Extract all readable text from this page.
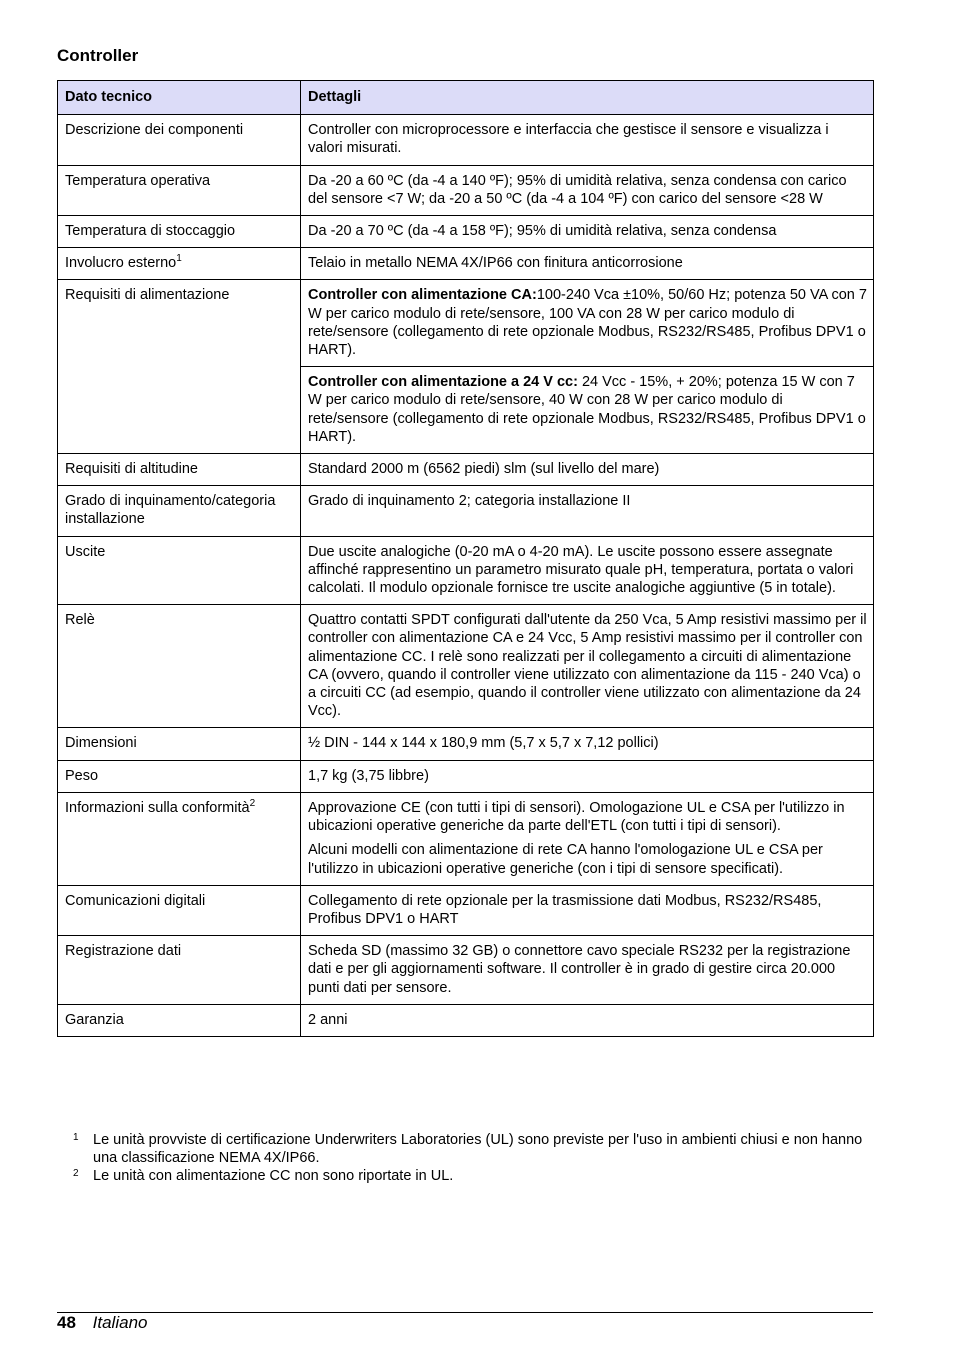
Controller
Dato tecnico	Dettagli
Descrizione dei componenti	Controller con microprocessore e interfaccia che gestisce il sensore e visualizza i valori misurati.
Temperatura operativa	Da -20 a 60 ºC (da -4 a 140 ºF); 95% di umidità relativa, senza condensa con carico del sensore <7 W; da -20 a 50 ºC (da -4 a 104 ºF) con carico del sensore <28 W
Temperatura di stoccaggio	Da -20 a 70 ºC (da -4 a 158 ºF); 95% di umidità relativa, senza condensa
Involucro esterno$^1$	Telaio in metallo NEMA 4X/IP66 con finitura anticorrosione
Requisiti di alimentazione	Controller con alimentazione CA:100-240 Vca ±10%, 50/60 Hz; potenza 50 VA con 7 W per carico modulo di rete/sensore, 100 VA con 28 W per carico modulo di rete/sensore (collegamento di rete opzionale Modbus, RS232/RS485, Profibus DPV1 o HART).
	Controller con alimentazione a 24 V cc: 24 Vcc - 15%, + 20%; potenza 15 W con 7 W per carico modulo di rete/sensore, 40 W con 28 W per carico modulo di rete/sensore (collegamento di rete opzionale Modbus, RS232/RS485, Profibus DPV1 o HART).
Requisiti di altitudine	Standard 2000 m (6562 piedi) slm (sul livello del mare)
Grado di inquinamento/categoria installazione	Grado di inquinamento 2; categoria installazione II
Uscite	Due uscite analogiche (0-20 mA o 4-20 mA). Le uscite possono essere assegnate affinché rappresentino un parametro misurato quale pH, temperatura, portata o valori calcolati. Il modulo opzionale fornisce tre uscite analogiche aggiuntive (5 in totale).
Relè	Quattro contatti SPDT configurati dall'utente da 250 Vca, 5 Amp resistivi massimo per il controller con alimentazione CA e 24 Vcc, 5 Amp resistivi massimo per il controller con alimentazione CC. I relè sono realizzati per il collegamento a circuiti di alimentazione CA (ovvero, quando il controller viene utilizzato con alimentazione da 115 - 240 Vca) o a circuiti CC (ad esempio, quando il controller viene utilizzato con alimentazione da 24 Vcc).
Dimensioni	½ DIN - 144 x 144 x 180,9 mm (5,7 x 5,7 x 7,12 pollici)
Peso	1,7 kg (3,75 libbre)
Informazioni sulla conformità$^2$	Approvazione CE (con tutti i tipi di sensori). Omologazione UL e CSA per l'utilizzo in ubicazioni operative generiche da parte dell'ETL (con tutti i tipi di sensori).
Alcuni modelli con alimentazione di rete CA hanno l'omologazione UL e CSA per l'utilizzo in ubicazioni operative generiche (con i tipi di sensore specificati).

Comunicazioni digitali	Collegamento di rete opzionale per la trasmissione dati Modbus, RS232/RS485, Profibus DPV1 o HART
Registrazione dati	Scheda SD (massimo 32 GB) o connettore cavo speciale RS232 per la registrazione dati e per gli aggiornamenti software. Il controller è in grado di gestire circa 20.000 punti dati per sensore.
Garanzia	2 anni
1 Le unità provviste di certificazione Underwriters Laboratories (UL) sono previste per l'uso in ambienti chiusi e non hanno una classificazione NEMA 4X/IP66.
2 Le unità con alimentazione CC non sono riportate in UL.
48 Italiano
